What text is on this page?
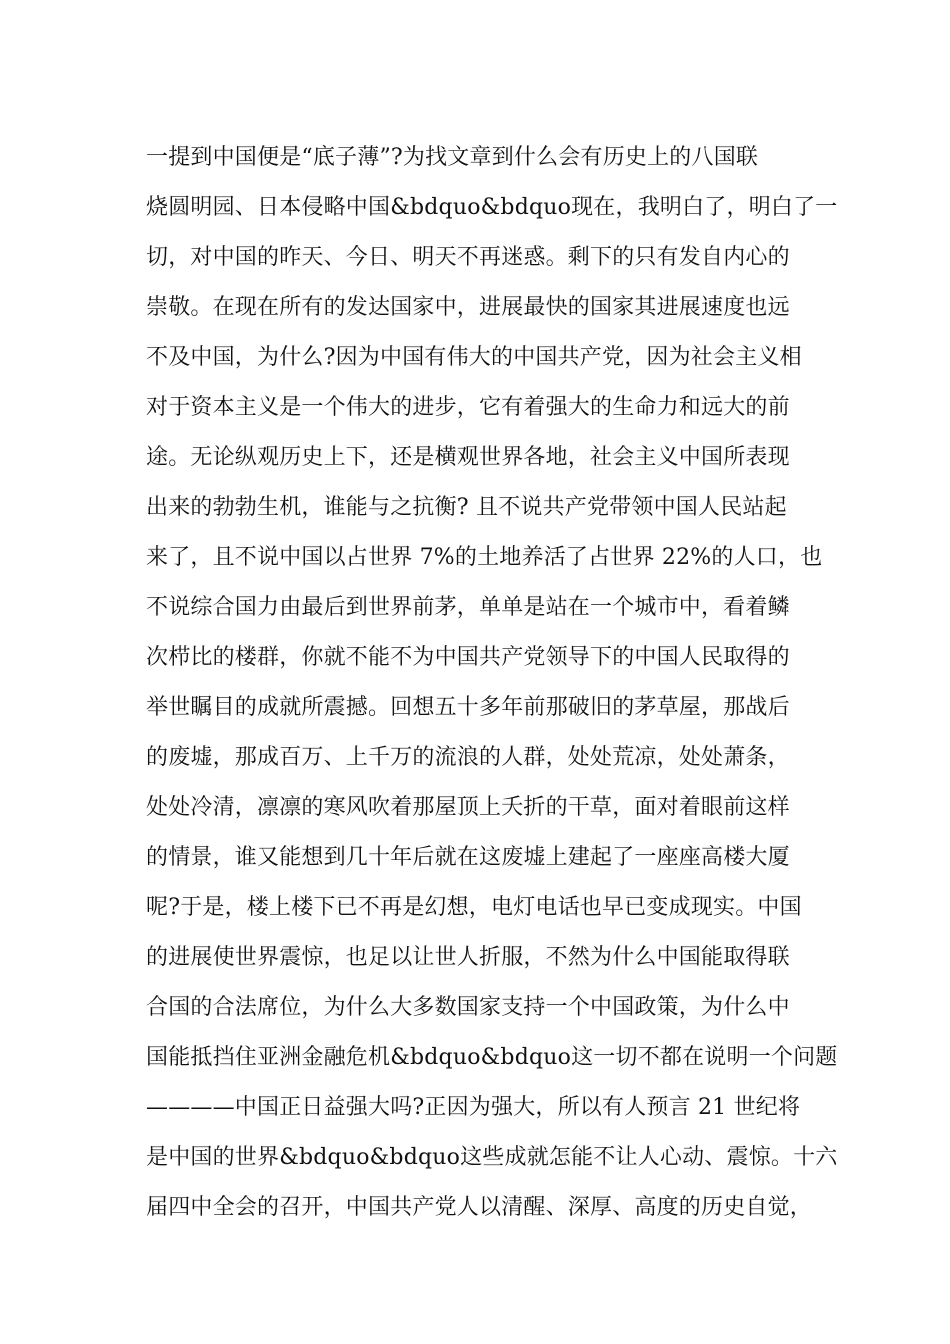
一提到中国便是“底子薄”?为找文章到什么会有历史上的八国联
烧圆明园、日本侵略中国&bdquo&bdquo现在，我明白了，明白了一
切，对中国的昨天、今日、明天不再迷惑。剩下的只有发自内心的
崇敬。在现在所有的发达国家中，进展最快的国家其进展速度也远
不及中国，为什么?因为中国有伟大的中国共产党，因为社会主义相
对于资本主义是一个伟大的进步，它有着强大的生命力和远大的前
途。无论纵观历史上下，还是横观世界各地，社会主义中国所表现
出来的勃勃生机，谁能与之抗衡? 且不说共产党带领中国人民站起
来了，且不说中国以占世界 7%的土地养活了占世界 22%的人口，也
不说综合国力由最后到世界前茅，单单是站在一个城市中，看着鳞
次栉比的楼群，你就不能不为中国共产党领导下的中国人民取得的
举世瞩目的成就所震撼。回想五十多年前那破旧的茅草屋，那战后
的废墟，那成百万、上千万的流浪的人群，处处荒凉，处处萧条，
处处冷清，凛凛的寒风吹着那屋顶上夭折的干草，面对着眼前这样
的情景，谁又能想到几十年后就在这废墟上建起了一座座高楼大厦
呢?于是，楼上楼下已不再是幻想，电灯电话也早已变成现实。中国
的进展使世界震惊，也足以让世人折服，不然为什么中国能取得联
合国的合法席位，为什么大多数国家支持一个中国政策，为什么中
国能抵挡住亚洲金融危机&bdquo&bdquo这一切不都在说明一个问题
————中国正日益强大吗?正因为强大，所以有人预言 21 世纪将
是中国的世界&bdquo&bdquo这些成就怎能不让人心动、震惊。十六
届四中全会的召开，中国共产党人以清醒、深厚、高度的历史自觉，
